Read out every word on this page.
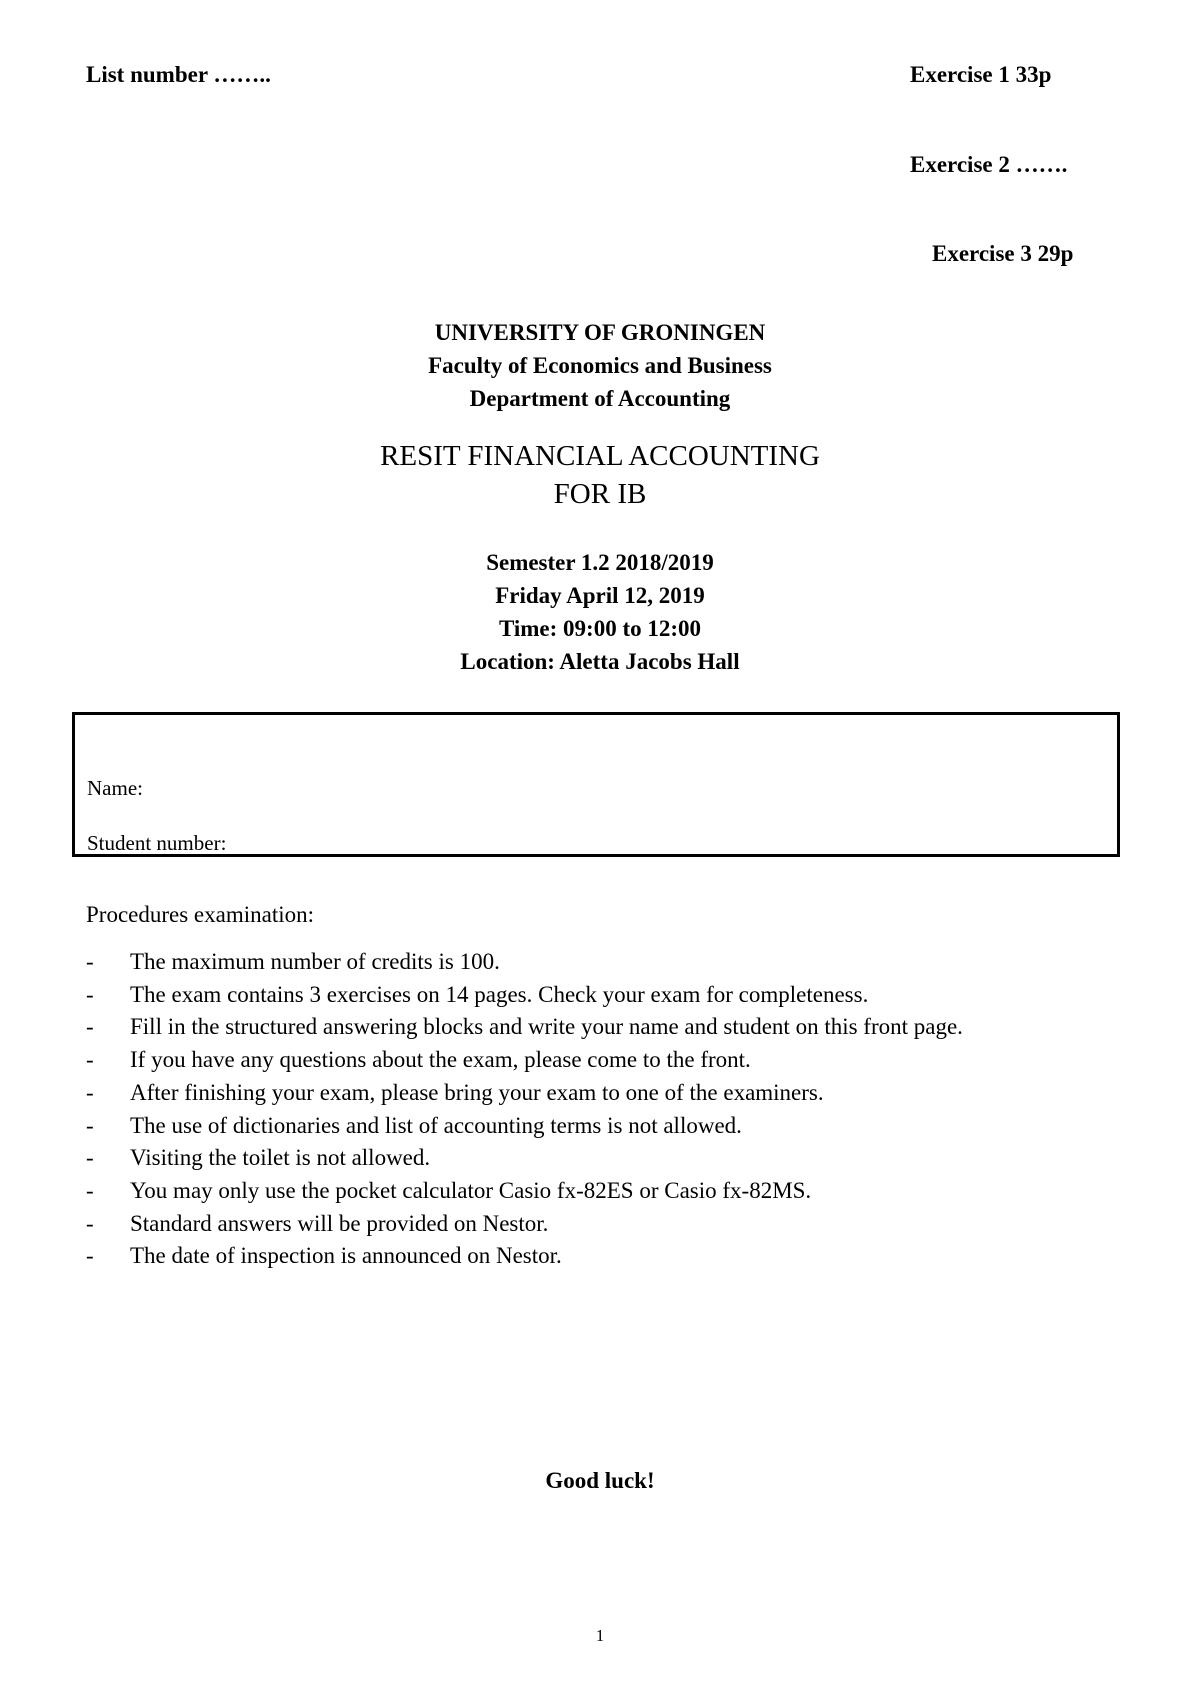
List number ……..	Exercise 1 33p
Exercise 2 …….
Exercise 3 29p
UNIVERSITY OF GRONINGEN
Faculty of Economics and Business
Department of Accounting
RESIT FINANCIAL ACCOUNTING
FOR IB
Semester 1.2 2018/2019
Friday April 12, 2019
Time: 09:00 to 12:00
Location: Aletta Jacobs Hall
Name:
Student number:
Procedures examination:
- The maximum number of credits is 100.
- The exam contains 3 exercises on 14 pages. Check your exam for completeness.
- Fill in the structured answering blocks and write your name and student on this front page.
- If you have any questions about the exam, please come to the front.
- After finishing your exam, please bring your exam to one of the examiners.
- The use of dictionaries and list of accounting terms is not allowed.
- Visiting the toilet is not allowed.
- You may only use the pocket calculator Casio fx-82ES or Casio fx-82MS.
- Standard answers will be provided on Nestor.
- The date of inspection is announced on Nestor.
Good luck!
1
